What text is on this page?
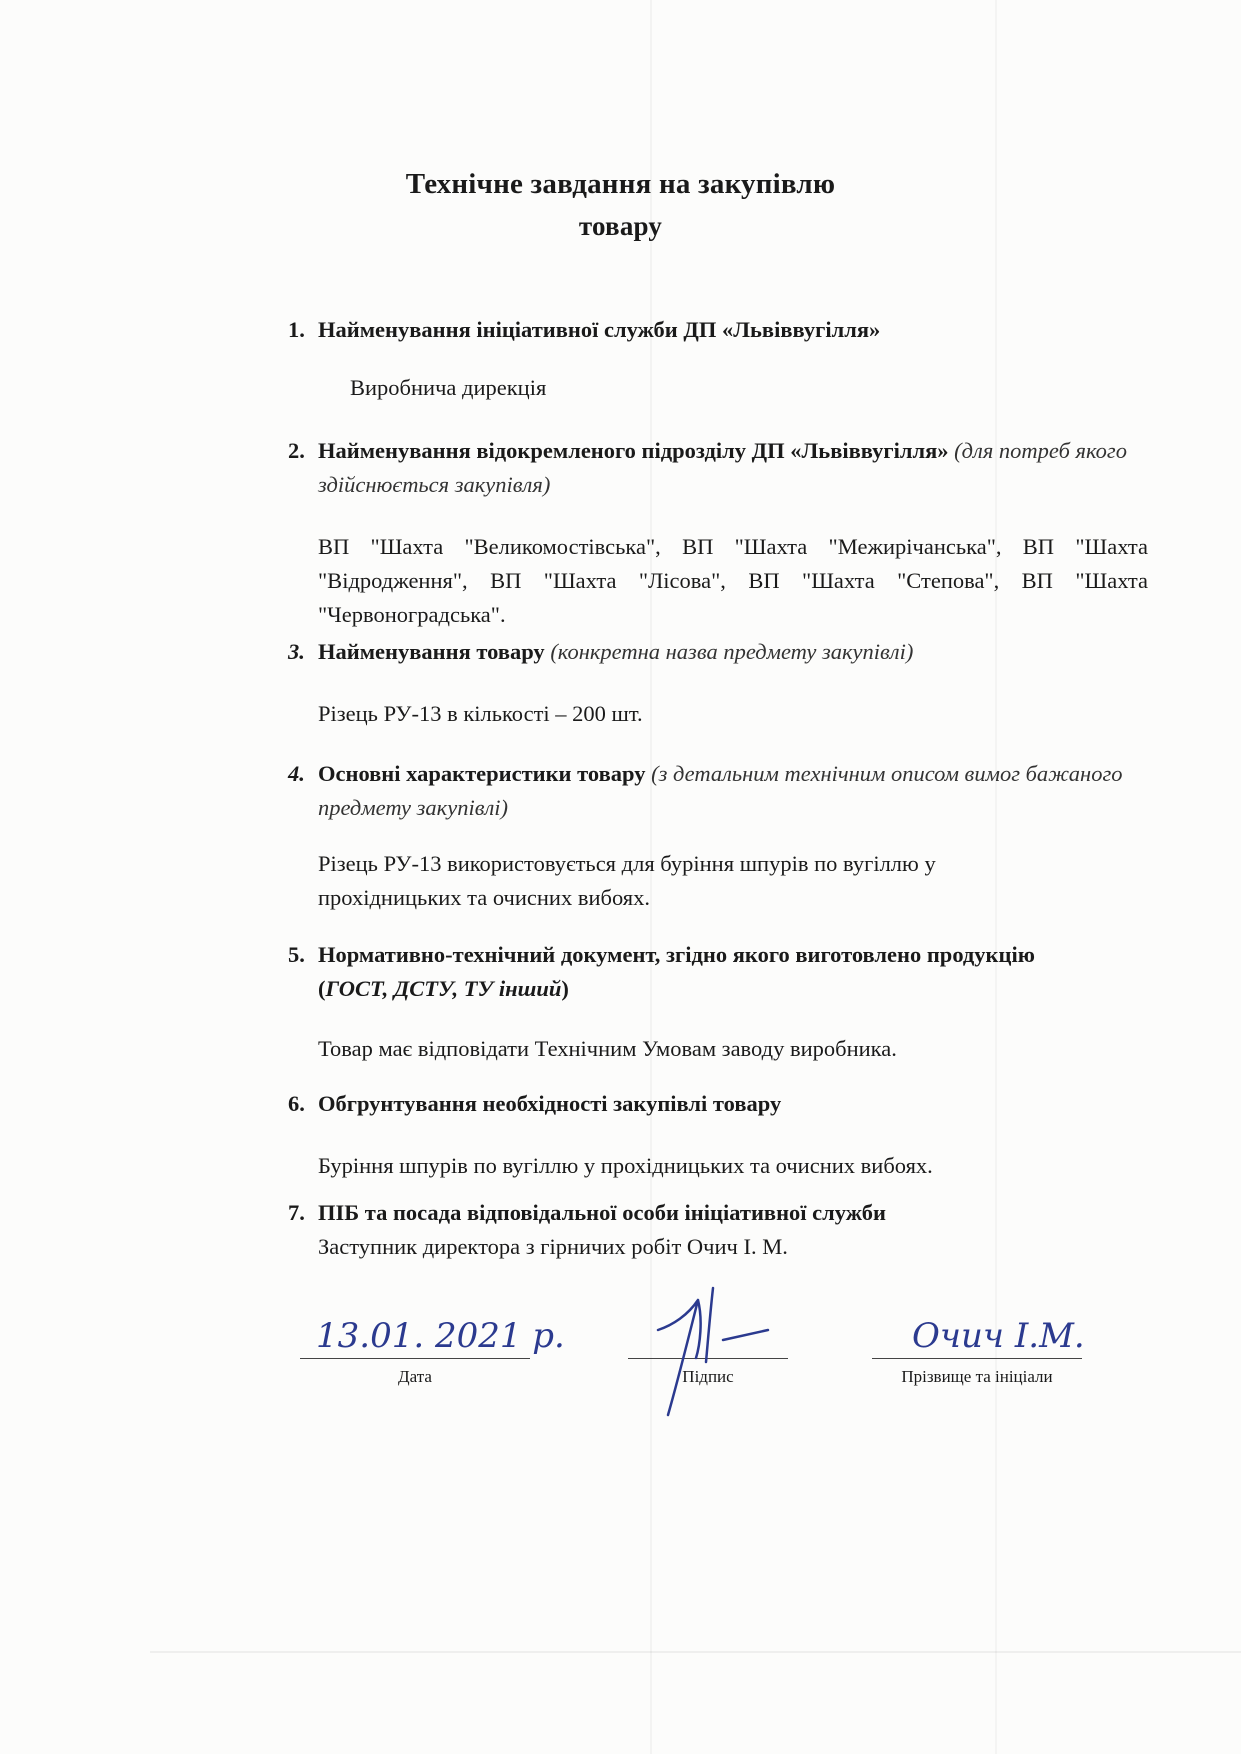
Технічне завдання на закупівлю
товару
1. Найменування ініціативної служби ДП «Львіввугілля»
Виробнича дирекція
2. Найменування відокремленого підрозділу ДП «Львіввугілля» (для потреб якого здійснюється закупівля)
ВП "Шахта "Великомостівська", ВП "Шахта "Межирічанська", ВП "Шахта "Відродження", ВП "Шахта "Лісова", ВП "Шахта "Степова", ВП "Шахта "Червоноградська".
3. Найменування товару (конкретна назва предмету закупівлі)
Різець РУ-13 в кількості – 200 шт.
4. Основні характеристики товару (з детальним технічним описом вимог бажаного предмету закупівлі)
Різець РУ-13 використовується для буріння шпурів по вугіллю у прохідницьких та очисних вибоях.
5. Нормативно-технічний документ, згідно якого виготовлено продукцію (ГОСТ, ДСТУ, ТУ інший)
Товар має відповідати Технічним Умовам заводу виробника.
6. Обгрунтування необхідності закупівлі товару
Буріння шпурів по вугіллю у прохідницьких та очисних вибоях.
7. ПІБ та посада відповідальної особи ініціативної служби
Заступник директора з гірничих робіт Очич І. М.
13.01. 2021 р.
Дата	Підпис
Очич І.М.
Прізвище та ініціали
